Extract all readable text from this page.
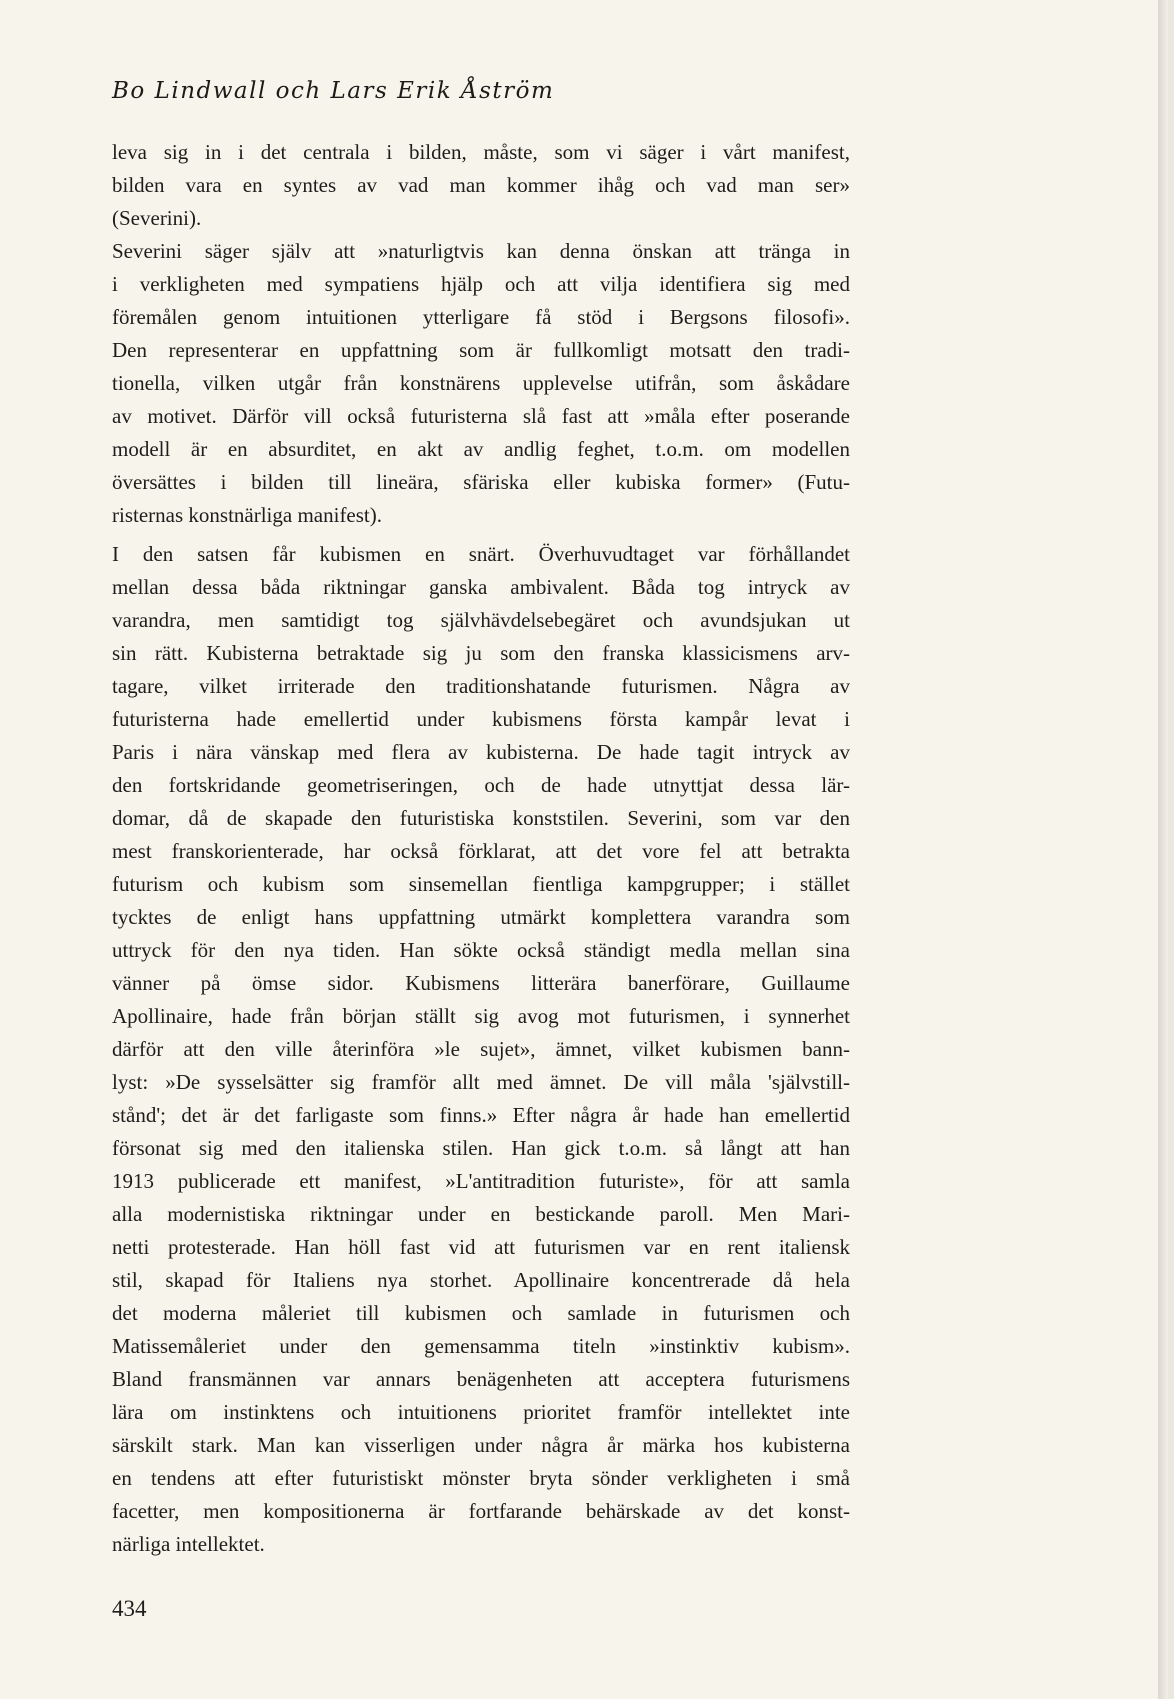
Bo Lindwall och Lars Erik Åström
leva sig in i det centrala i bilden, måste, som vi säger i vårt manifest,
bilden vara en syntes av vad man kommer ihåg och vad man ser»
(Severini).
Severini säger själv att »naturligtvis kan denna önskan att tränga in
i verkligheten med sympatiens hjälp och att vilja identifiera sig med
föremålen genom intuitionen ytterligare få stöd i Bergsons filosofi».
Den representerar en uppfattning som är fullkomligt motsatt den tradi-
tionella, vilken utgår från konstnärens upplevelse utifrån, som åskådare
av motivet. Därför vill också futuristerna slå fast att »måla efter poserande
modell är en absurditet, en akt av andlig feghet, t.o.m. om modellen
översättes i bilden till lineära, sfäriska eller kubiska former» (Futu-
risternas konstnärliga manifest).
I den satsen får kubismen en snärt. Överhuvudtaget var förhållandet
mellan dessa båda riktningar ganska ambivalent. Båda tog intryck av
varandra, men samtidigt tog självhävdelsebegäret och avundsjukan ut
sin rätt. Kubisterna betraktade sig ju som den franska klassicismens arv-
tagare, vilket irriterade den traditionshatande futurismen. Några av
futuristerna hade emellertid under kubismens första kampår levat i
Paris i nära vänskap med flera av kubisterna. De hade tagit intryck av
den fortskridande geometriseringen, och de hade utnyttjat dessa lär-
domar, då de skapade den futuristiska konststilen. Severini, som var den
mest franskorienterade, har också förklarat, att det vore fel att betrakta
futurism och kubism som sinsemellan fientliga kampgrupper; i stället
tycktes de enligt hans uppfattning utmärkt komplettera varandra som
uttryck för den nya tiden. Han sökte också ständigt medla mellan sina
vänner på ömse sidor. Kubismens litterära banerförare, Guillaume
Apollinaire, hade från början ställt sig avog mot futurismen, i synnerhet
därför att den ville återinföra »le sujet», ämnet, vilket kubismen bann-
lyst: »De sysselsätter sig framför allt med ämnet. De vill måla 'självstill-
stånd'; det är det farligaste som finns.» Efter några år hade han emellertid
försonat sig med den italienska stilen. Han gick t.o.m. så långt att han
1913 publicerade ett manifest, »L'antitradition futuriste», för att samla
alla modernistiska riktningar under en bestickande paroll. Men Mari-
netti protesterade. Han höll fast vid att futurismen var en rent italiensk
stil, skapad för Italiens nya storhet. Apollinaire koncentrerade då hela
det moderna måleriet till kubismen och samlade in futurismen och
Matissemåleriet under den gemensamma titeln »instinktiv kubism».
Bland fransmännen var annars benägenheten att acceptera futurismens
lära om instinktens och intuitionens prioritet framför intellektet inte
särskilt stark. Man kan visserligen under några år märka hos kubisterna
en tendens att efter futuristiskt mönster bryta sönder verkligheten i små
facetter, men kompositionerna är fortfarande behärskade av det konst-
närliga intellektet.
434
